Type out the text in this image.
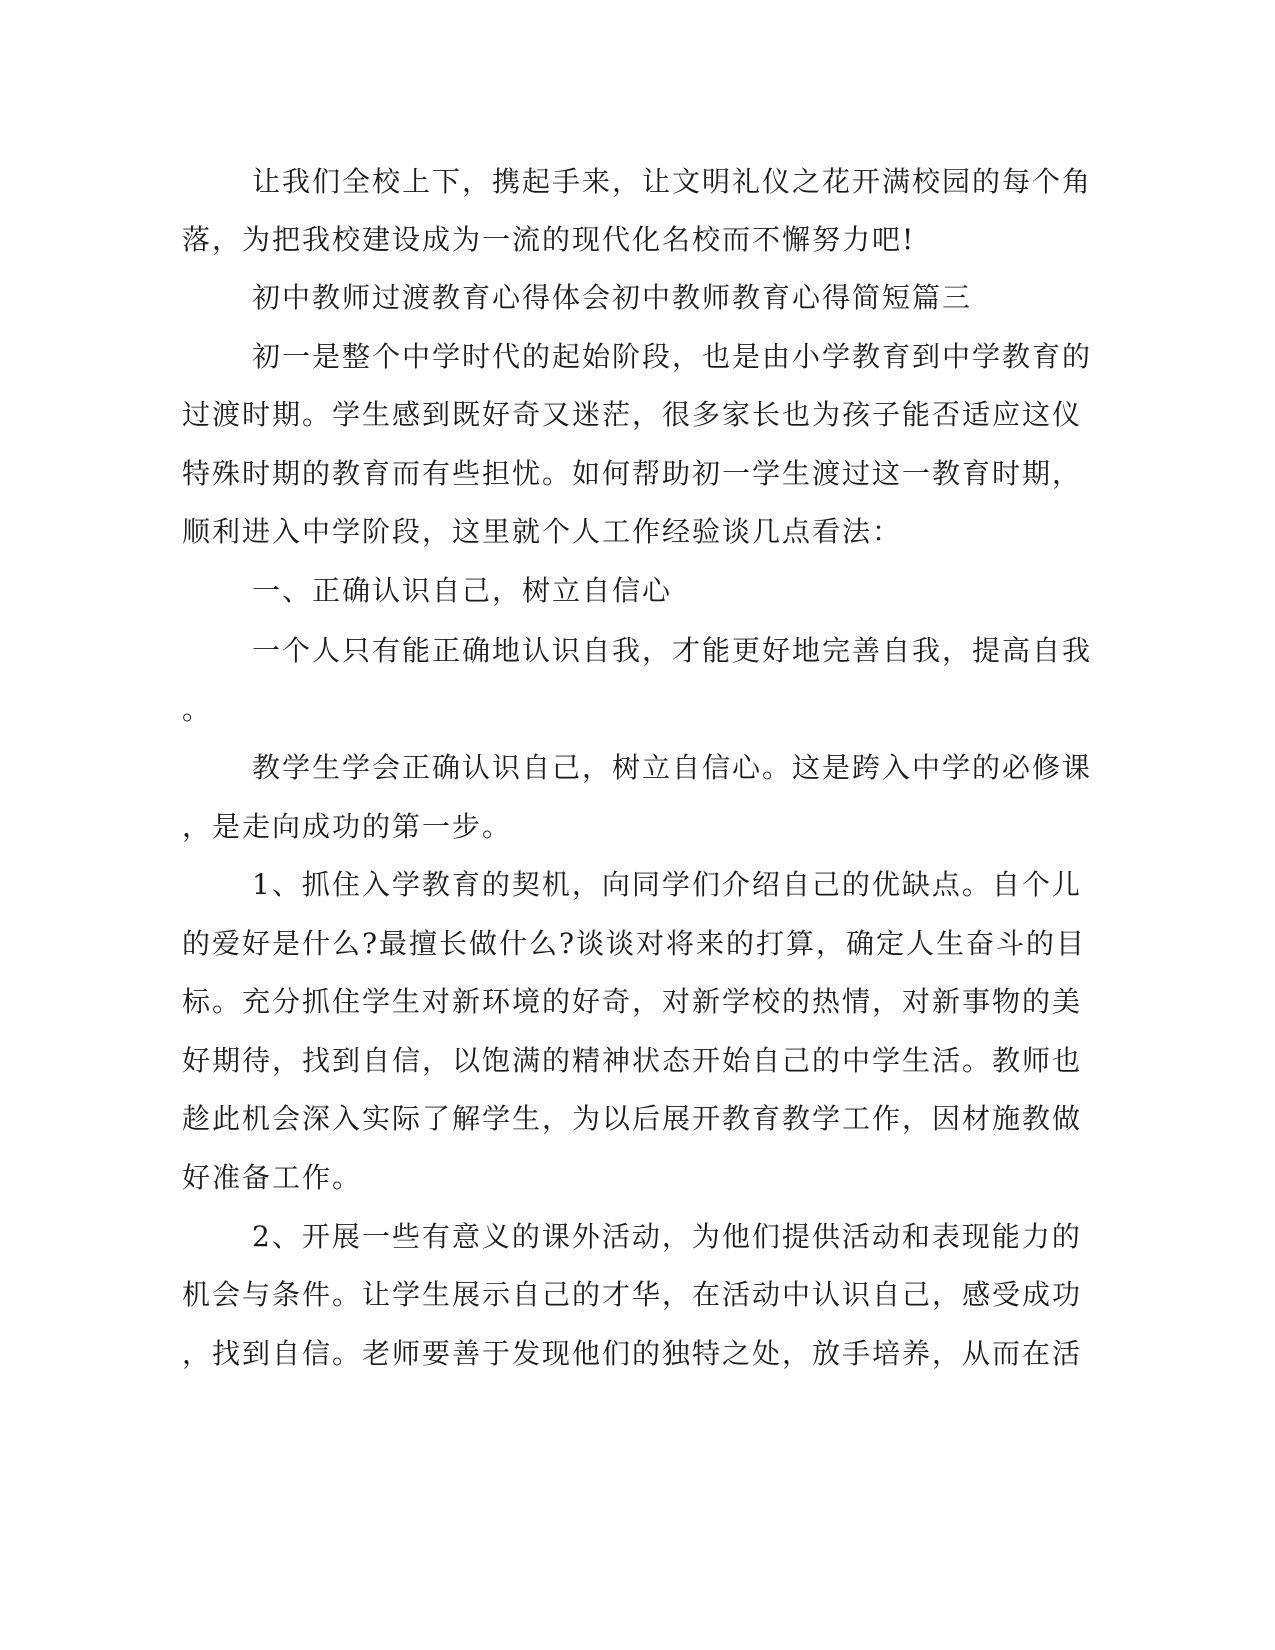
让我们全校上下，携起手来，让文明礼仪之花开满校园的每个角

落，为把我校建设成为一流的现代化名校而不懈努力吧!

初中教师过渡教育心得体会初中教师教育心得简短篇三

初一是整个中学时代的起始阶段，也是由小学教育到中学教育的

过渡时期。学生感到既好奇又迷茫，很多家长也为孩子能否适应这仪

特殊时期的教育而有些担忧。如何帮助初一学生渡过这一教育时期，

顺利进入中学阶段，这里就个人工作经验谈几点看法：

一、正确认识自己，树立自信心

一个人只有能正确地认识自我，才能更好地完善自我，提高自我

。

教学生学会正确认识自己，树立自信心。这是跨入中学的必修课

，是走向成功的第一步。

1、抓住入学教育的契机，向同学们介绍自己的优缺点。自个儿

的爱好是什么?最擅长做什么?谈谈对将来的打算，确定人生奋斗的目

标。充分抓住学生对新环境的好奇，对新学校的热情，对新事物的美

好期待，找到自信，以饱满的精神状态开始自己的中学生活。教师也

趁此机会深入实际了解学生，为以后展开教育教学工作，因材施教做

好准备工作。

2、开展一些有意义的课外活动，为他们提供活动和表现能力的

机会与条件。让学生展示自己的才华，在活动中认识自己，感受成功

，找到自信。老师要善于发现他们的独特之处，放手培养，从而在活
